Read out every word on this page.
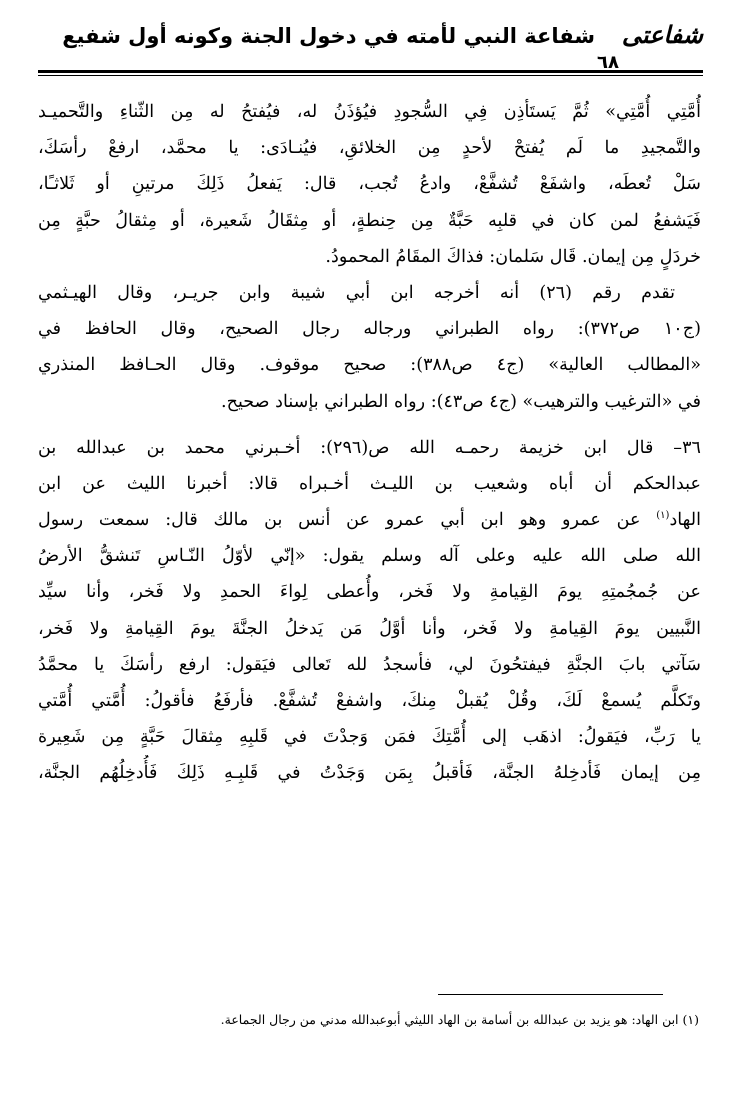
شفاعتی
شفاعة النبي لأمته في دخول الجنة وكونه أول شفيع
٦٨
أُمَّتِي أُمَّتِي» ثُمَّ يَستَأذِن فِي السُّجودِ فيُؤذَنُ له، فيُفتحُ له مِن الثّناءِ والتَّحميـد
والتَّمجيدِ ما لَم يُفتحْ لأحدٍ مِن الخلائقِ، فيُنـادَى: يا محمَّد، ارفعْ رأسَكَ،
سَلْ تُعطَه، واشفَعْ تُشفَّعْ، وادعُ تُجب، قال: يَفعلُ ذَلِكَ مرتينِ أو ثَلاثـًا،
فَيَشفعُ لمن كان في قلبِه حَبَّةٌ مِن حِنطةٍ، أو مِثقَالُ شَعيرة، أو مِثقالُ حبَّةٍ مِن
خردَلٍ مِن إيمان. قَال سَلمان: فذاكَ المقَامُ المحمودُ.
تقدم رقم (٢٦) أنه أخرجه ابن أبي شيبة وابن جريـر، وقال الهيـثمي
(ج١٠ ص٣٧٢): رواه الطبراني ورجاله رجال الصحيح، وقال الحافظ في
«المطالب العالية» (ج٤ ص٣٨٨): صحيح موقوف. وقال الحـافظ المنذري
في «الترغيب والترهيب» (ج٤ ص٤٣): رواه الطبراني بإسناد صحيح.
٣٦– قال ابن خزيمة رحمـه الله ص(٢٩٦): أخـبرني محمد بن عبدالله بن
عبدالحكم أن أباه وشعيب بن الليـث أخـبراه قالا: أخبرنا الليث عن ابن
الهاد$^{(١)}$ عن عمرو وهو ابن أبي عمرو عن أنس بن مالك قال: سمعت رسول
الله صلى الله عليه وعلى آله وسلم يقول: «إنّي لأوّلُ النّـاسِ تَنشقُّ الأرضُ
عن جُمجُمتِهِ يومَ القِيامةِ ولا فَخر، وأُعطى لِواءَ الحمدِ ولا فَخر، وأنا سيِّد
النَّبيين يومَ القِيامةِ ولا فَخر، وأنا أوَّلُ مَن يَدخلُ الجنَّةَ يومَ القِيامةِ ولا فَخر،
سَآتي بابَ الجنَّةِ فيفتحُونَ لي، فأسجدُ لله تَعالى فيَقول: ارفع رأسَكَ يا محمَّدُ
وتَكلَّم يُسمعْ لَكَ، وقُلْ يُقبلْ مِنكَ، واشفعْ تُشفَّعْ. فأرفَعُ فأقولُ: أُمَّتي أُمَّتي
يا رَبِّ، فيَقولُ: اذهَب إلى أُمَّتِكَ فمَن وَجدْتَ في قَلبِهِ مِثقالَ حَبَّةٍ مِن شَعِيرة
مِن إيمان فَأدخِلهُ الجنَّة، فَأقبلُ بِمَن وَجَدْتُ في قَلبِـهِ ذَلِكَ فَأُدخِلُهُم الجنَّة،
(١) ابن الهاد: هو يزيد بن عبدالله بن أسامة بن الهاد الليثي أبوعبدالله مدني من رجال الجماعة.
